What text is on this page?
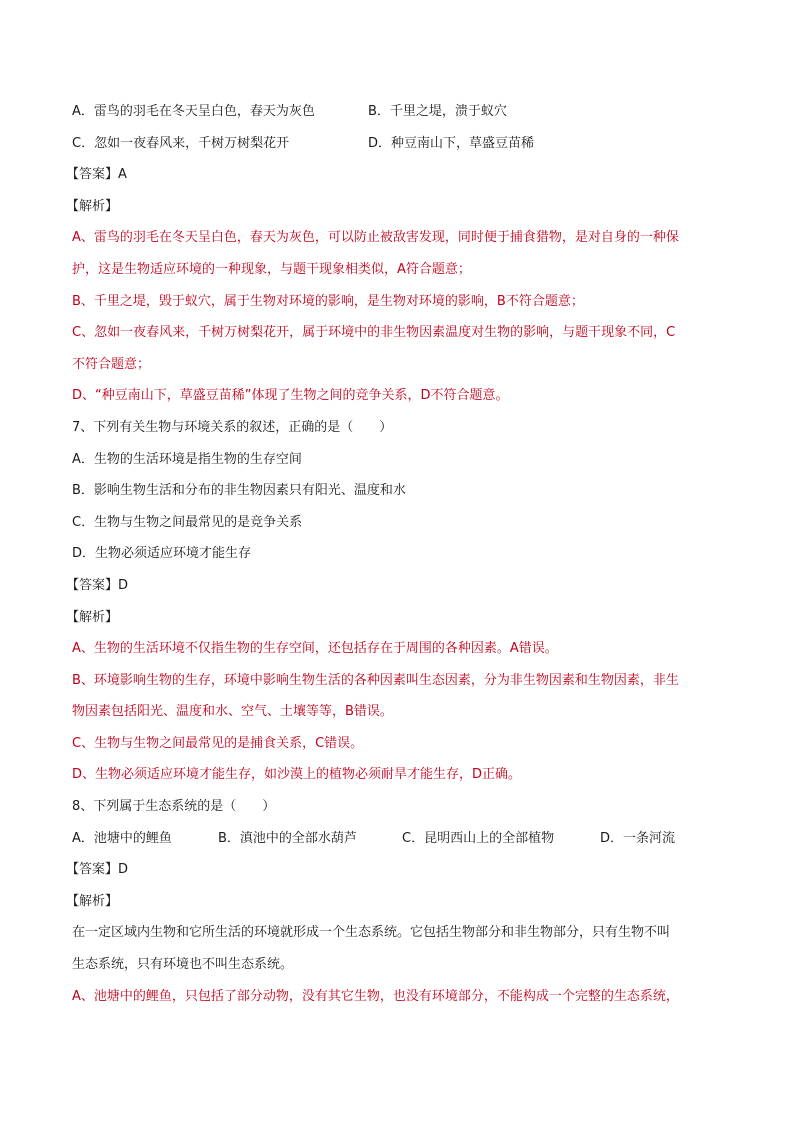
A．雷鸟的羽毛在冬天呈白色，春天为灰色	B．千里之堤，溃于蚁穴
C．忽如一夜春风来，千树万树梨花开	D．种豆南山下，草盛豆苗稀
【答案】A
【解析】
A、雷鸟的羽毛在冬天呈白色，春天为灰色，可以防止被敌害发现，同时便于捕食猎物，是对自身的一种保
护，这是生物适应环境的一种现象，与题干现象相类似，A符合题意；
B、千里之堤，毁于蚁穴，属于生物对环境的影响，是生物对环境的影响，B不符合题意；
C、忽如一夜春风来，千树万树梨花开，属于环境中的非生物因素温度对生物的影响，与题干现象不同，C
不符合题意；
D、“种豆南山下，草盛豆苗稀”体现了生物之间的竞争关系，D不符合题意。
7、下列有关生物与环境关系的叙述，正确的是（　　）
A．生物的生活环境是指生物的生存空间
B．影响生物生活和分布的非生物因素只有阳光、温度和水
C．生物与生物之间最常见的是竞争关系
D．生物必须适应环境才能生存
【答案】D
【解析】
A、生物的生活环境不仅指生物的生存空间，还包括存在于周围的各种因素。A错误。
B、环境影响生物的生存，环境中影响生物生活的各种因素叫生态因素，分为非生物因素和生物因素，非生
物因素包括阳光、温度和水、空气、土壤等等，B错误。
C、生物与生物之间最常见的是捕食关系，C错误。
D、生物必须适应环境才能生存，如沙漠上的植物必须耐旱才能生存，D正确。
8、下列属于生态系统的是（　　）
A．池塘中的鲤鱼	B．滇池中的全部水葫芦	C．昆明西山上的全部植物	D．一条河流
【答案】D
【解析】
在一定区域内生物和它所生活的环境就形成一个生态系统。它包括生物部分和非生物部分，只有生物不叫
生态系统，只有环境也不叫生态系统。
A、池塘中的鲤鱼，只包括了部分动物，没有其它生物，也没有环境部分，不能构成一个完整的生态系统，
